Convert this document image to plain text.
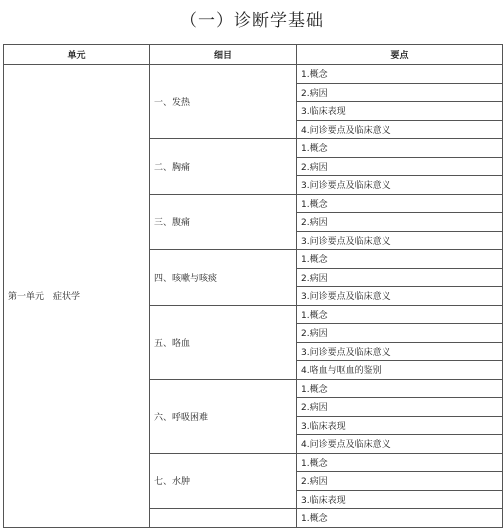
（一）诊断学基础
单元	细目	要点
第一单元　症状学	一、发热	1.概念
		2.病因
		3.临床表现
		4.问诊要点及临床意义
	二、胸痛	1.概念
		2.病因
		3.问诊要点及临床意义
	三、腹痛	1.概念
		2.病因
		3.问诊要点及临床意义
	四、咳嗽与咳痰	1.概念
		2.病因
		3.问诊要点及临床意义
	五、咯血	1.概念
		2.病因
		3.问诊要点及临床意义
		4.咯血与呕血的鉴别
	六、呼吸困难	1.概念
		2.病因
		3.临床表现
		4.问诊要点及临床意义
	七、水肿	1.概念
		2.病因
		3.临床表现
		1.概念
